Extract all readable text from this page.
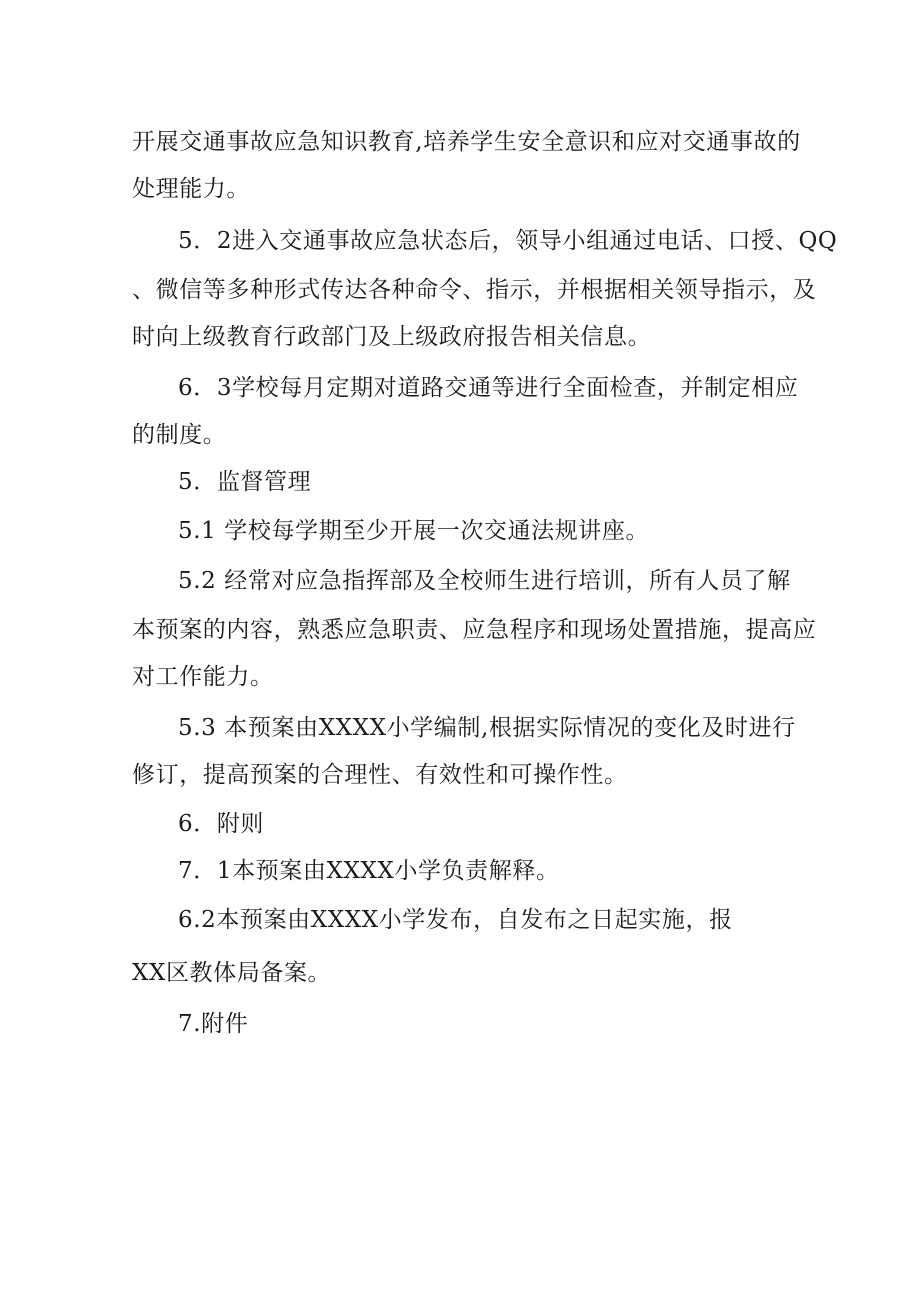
开展交通事故应急知识教育,培养学生安全意识和应对交通事故的
处理能力。
5．2进入交通事故应急状态后，领导小组通过电话、口授、QQ
、微信等多种形式传达各种命令、指示，并根据相关领导指示，及
时向上级教育行政部门及上级政府报告相关信息。
6．3学校每月定期对道路交通等进行全面检查，并制定相应
的制度。
5．监督管理
5.1 学校每学期至少开展一次交通法规讲座。
5.2 经常对应急指挥部及全校师生进行培训，所有人员了解
本预案的内容，熟悉应急职责、应急程序和现场处置措施，提高应
对工作能力。
5.3 本预案由XXXX小学编制,根据实际情况的变化及时进行
修订，提高预案的合理性、有效性和可操作性。
6．附则
7．1本预案由XXXX小学负责解释。
6.2本预案由XXXX小学发布，自发布之日起实施，报
XX区教体局备案。
7.附件
